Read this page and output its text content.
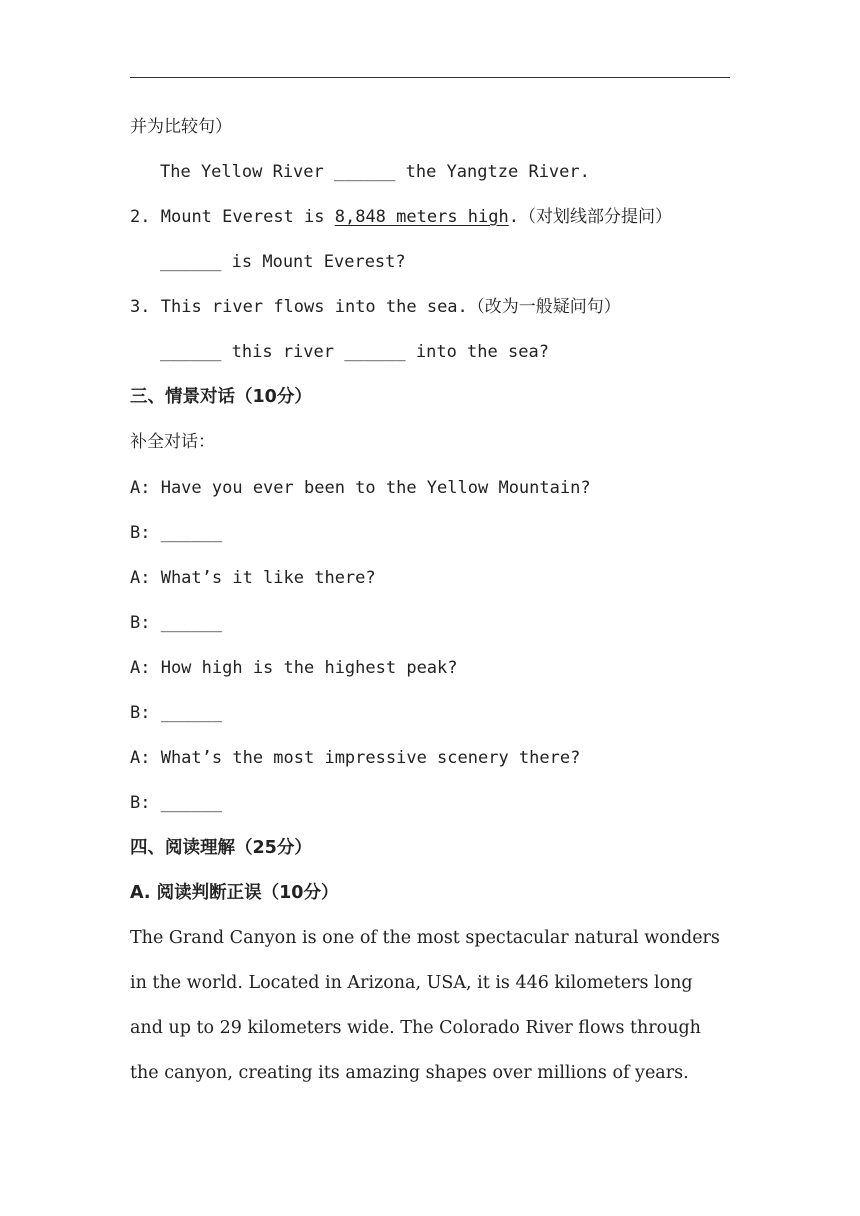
并为比较句）
The Yellow River ______ the Yangtze River.
2. Mount Everest is 8,848 meters high.（对划线部分提问）
______ is Mount Everest?
3. This river flows into the sea.（改为一般疑问句）
______ this river ______ into the sea?
三、情景对话（10分）
补全对话：
A: Have you ever been to the Yellow Mountain?
B: ______
A: What’s it like there?
B: ______
A: How high is the highest peak?
B: ______
A: What’s the most impressive scenery there?
B: ______
四、阅读理解（25分）
A. 阅读判断正误（10分）
The Grand Canyon is one of the most spectacular natural wonders
in the world. Located in Arizona, USA, it is 446 kilometers long
and up to 29 kilometers wide. The Colorado River flows through
the canyon, creating its amazing shapes over millions of years.
